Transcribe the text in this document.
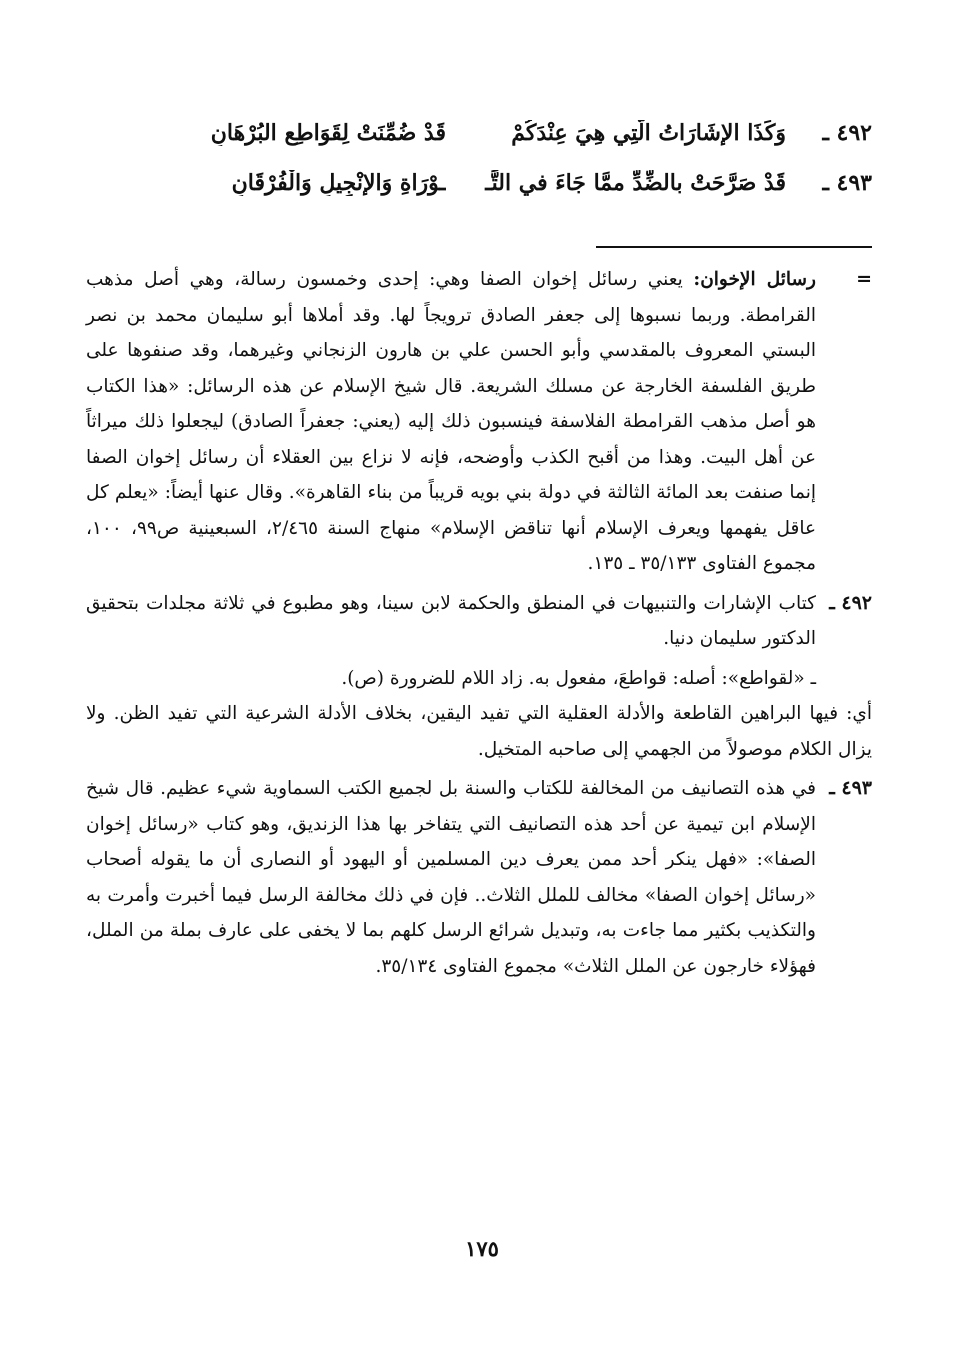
٤٩٢ ـ
وَكَذَا الإِشَارَاتُ الَّتِي هِيَ عِنْدَكُمْ
قَدْ ضُمِّنَتْ لِقَوَاطِعِ البُرْهَانِ
٤٩٣ ـ
قَدْ صَرَّحَتْ بالضِّدِّ ممَّا جَاءَ في التَّـ
ـوْرَاةِ وَالإِنْجِيلِ وَالْفُرْقَانِ
=

رسائل الإخوان: يعني رسائل إخوان الصفا وهي: إحدى وخمسون رسالة، وهي أصل مذهب القرامطة. وربما نسبوها إلى جعفر الصادق ترويجاً لها. وقد أملاها أبو سليمان محمد بن نصر البستي المعروف بالمقدسي وأبو الحسن علي بن هارون الزنجاني وغيرهما، وقد صنفوها على طريق الفلسفة الخارجة عن مسلك الشريعة. قال شيخ الإسلام عن هذه الرسائل: «هذا الكتاب هو أصل مذهب القرامطة الفلاسفة فينسبون ذلك إليه (يعني: جعفراً الصادق) ليجعلوا ذلك ميراثاً عن أهل البيت. وهذا من أقبح الكذب وأوضحه، فإنه لا نزاع بين العقلاء أن رسائل إخوان الصفا إنما صنفت بعد المائة الثالثة في دولة بني بويه قريباً من بناء القاهرة». وقال عنها أيضاً: «يعلم كل عاقل يفهمها ويعرف الإسلام أنها تناقض الإسلام» منهاج السنة ٢/٤٦٥، السبعينية ص٩٩، ١٠٠، مجموع الفتاوى ٣٥/١٣٣ ـ ١٣٥.

٤٩٢ ـ

كتاب الإشارات والتنبيهات في المنطق والحكمة لابن سينا، وهو مطبوع في ثلاثة مجلدات بتحقيق الدكتور سليمان دنيا.

ـ «لقواطع»: أصله: قواطعَ، مفعول به. زاد اللام للضرورة (ص).

أي: فيها البراهين القاطعة والأدلة العقلية التي تفيد اليقين، بخلاف الأدلة الشرعية التي تفيد الظن. ولا يزال الكلام موصولاً من الجهمي إلى صاحبه المتخيل.

٤٩٣ ـ

في هذه التصانيف من المخالفة للكتاب والسنة بل لجميع الكتب السماوية شيء عظيم. قال شيخ الإسلام ابن تيمية عن أحد هذه التصانيف التي يتفاخر بها هذا الزنديق، وهو كتاب «رسائل إخوان الصفا»: «فهل ينكر أحد ممن يعرف دين المسلمين أو اليهود أو النصارى أن ما يقوله أصحاب «رسائل إخوان الصفا» مخالف للملل الثلاث.. فإن في ذلك مخالفة الرسل فيما أخبرت وأمرت به والتكذيب بكثير مما جاءت به، وتبديل شرائع الرسل كلهم بما لا يخفى على عارف بملة من الملل، فهؤلاء خارجون عن الملل الثلاث» مجموع الفتاوى ٣٥/١٣٤.

١٧٥
